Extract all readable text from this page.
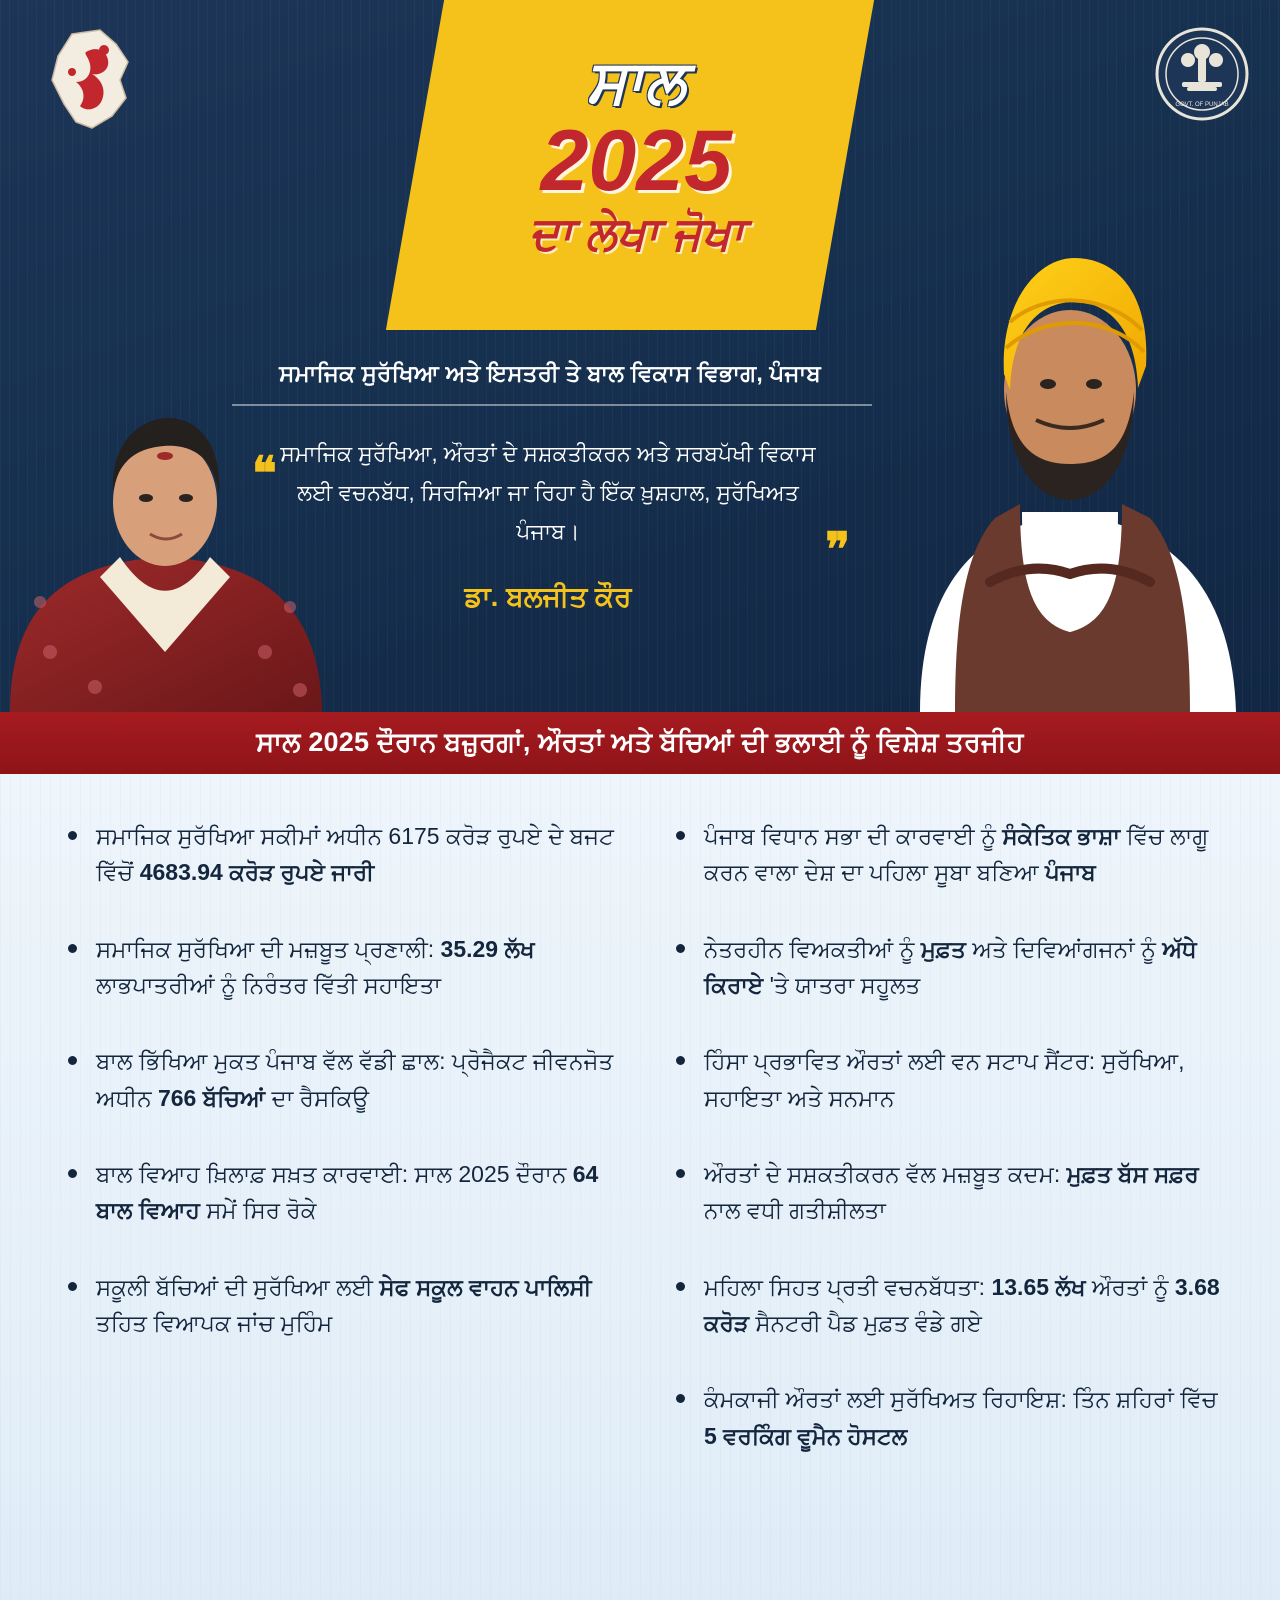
GOVT. OF PUNJAB
ਸਾਲ
2025
ਦਾ ਲੇਖਾ ਜੋਖਾ
ਸਮਾਜਿਕ ਸੁਰੱਖਿਆ ਅਤੇ ਇਸਤਰੀ ਤੇ ਬਾਲ ਵਿਕਾਸ ਵਿਭਾਗ, ਪੰਜਾਬ
❝ ਸਮਾਜਿਕ ਸੁਰੱਖਿਆ, ਔਰਤਾਂ ਦੇ ਸਸ਼ਕਤੀਕਰਨ ਅਤੇ ਸਰਬਪੱਖੀ ਵਿਕਾਸ ਲਈ ਵਚਨਬੱਧ, ਸਿਰਜਿਆ ਜਾ ਰਿਹਾ ਹੈ ਇੱਕ ਖ਼ੁਸ਼ਹਾਲ, ਸੁਰੱਖਿਅਤ ਪੰਜਾਬ।	❞
ਡਾ. ਬਲਜੀਤ ਕੌਰ
ਸਾਲ 2025 ਦੌਰਾਨ ਬਜ਼ੁਰਗਾਂ, ਔਰਤਾਂ ਅਤੇ ਬੱਚਿਆਂ ਦੀ ਭਲਾਈ ਨੂੰ ਵਿਸ਼ੇਸ਼ ਤਰਜੀਹ
ਸਮਾਜਿਕ ਸੁਰੱਖਿਆ ਸਕੀਮਾਂ ਅਧੀਨ 6175 ਕਰੋੜ ਰੁਪਏ ਦੇ ਬਜਟ ਵਿੱਚੋਂ 4683.94 ਕਰੋੜ ਰੁਪਏ ਜਾਰੀ
ਸਮਾਜਿਕ ਸੁਰੱਖਿਆ ਦੀ ਮਜ਼ਬੂਤ ਪ੍ਰਣਾਲੀ: 35.29 ਲੱਖ ਲਾਭਪਾਤਰੀਆਂ ਨੂੰ ਨਿਰੰਤਰ ਵਿੱਤੀ ਸਹਾਇਤਾ
ਬਾਲ ਭਿੱਖਿਆ ਮੁਕਤ ਪੰਜਾਬ ਵੱਲ ਵੱਡੀ ਛਾਲ: ਪ੍ਰੋਜੈਕਟ ਜੀਵਨਜੋਤ ਅਧੀਨ 766 ਬੱਚਿਆਂ ਦਾ ਰੈਸਕਿਊ
ਬਾਲ ਵਿਆਹ ਖ਼ਿਲਾਫ਼ ਸਖ਼ਤ ਕਾਰਵਾਈ: ਸਾਲ 2025 ਦੌਰਾਨ 64 ਬਾਲ ਵਿਆਹ ਸਮੇਂ ਸਿਰ ਰੋਕੇ
ਸਕੂਲੀ ਬੱਚਿਆਂ ਦੀ ਸੁਰੱਖਿਆ ਲਈ ਸੇਫ ਸਕੂਲ ਵਾਹਨ ਪਾਲਿਸੀ ਤਹਿਤ ਵਿਆਪਕ ਜਾਂਚ ਮੁਹਿੰਮ
ਪੰਜਾਬ ਵਿਧਾਨ ਸਭਾ ਦੀ ਕਾਰਵਾਈ ਨੂੰ ਸੰਕੇਤਿਕ ਭਾਸ਼ਾ ਵਿੱਚ ਲਾਗੂ ਕਰਨ ਵਾਲਾ ਦੇਸ਼ ਦਾ ਪਹਿਲਾ ਸੂਬਾ ਬਣਿਆ ਪੰਜਾਬ
ਨੇਤਰਹੀਨ ਵਿਅਕਤੀਆਂ ਨੂੰ ਮੁਫ਼ਤ ਅਤੇ ਦਿਵਿਆਂਗਜਨਾਂ ਨੂੰ ਅੱਧੇ ਕਿਰਾਏ 'ਤੇ ਯਾਤਰਾ ਸਹੂਲਤ
ਹਿੰਸਾ ਪ੍ਰਭਾਵਿਤ ਔਰਤਾਂ ਲਈ ਵਨ ਸਟਾਪ ਸੈਂਟਰ: ਸੁਰੱਖਿਆ, ਸਹਾਇਤਾ ਅਤੇ ਸਨਮਾਨ
ਔਰਤਾਂ ਦੇ ਸਸ਼ਕਤੀਕਰਨ ਵੱਲ ਮਜ਼ਬੂਤ ਕਦਮ: ਮੁਫ਼ਤ ਬੱਸ ਸਫ਼ਰ ਨਾਲ ਵਧੀ ਗਤੀਸ਼ੀਲਤਾ
ਮਹਿਲਾ ਸਿਹਤ ਪ੍ਰਤੀ ਵਚਨਬੱਧਤਾ: 13.65 ਲੱਖ ਔਰਤਾਂ ਨੂੰ 3.68 ਕਰੋੜ ਸੈਨਟਰੀ ਪੈਡ ਮੁਫ਼ਤ ਵੰਡੇ ਗਏ
ਕੰਮਕਾਜੀ ਔਰਤਾਂ ਲਈ ਸੁਰੱਖਿਅਤ ਰਿਹਾਇਸ਼: ਤਿੰਨ ਸ਼ਹਿਰਾਂ ਵਿੱਚ 5 ਵਰਕਿੰਗ ਵੂਮੈਨ ਹੋਸਟਲ
